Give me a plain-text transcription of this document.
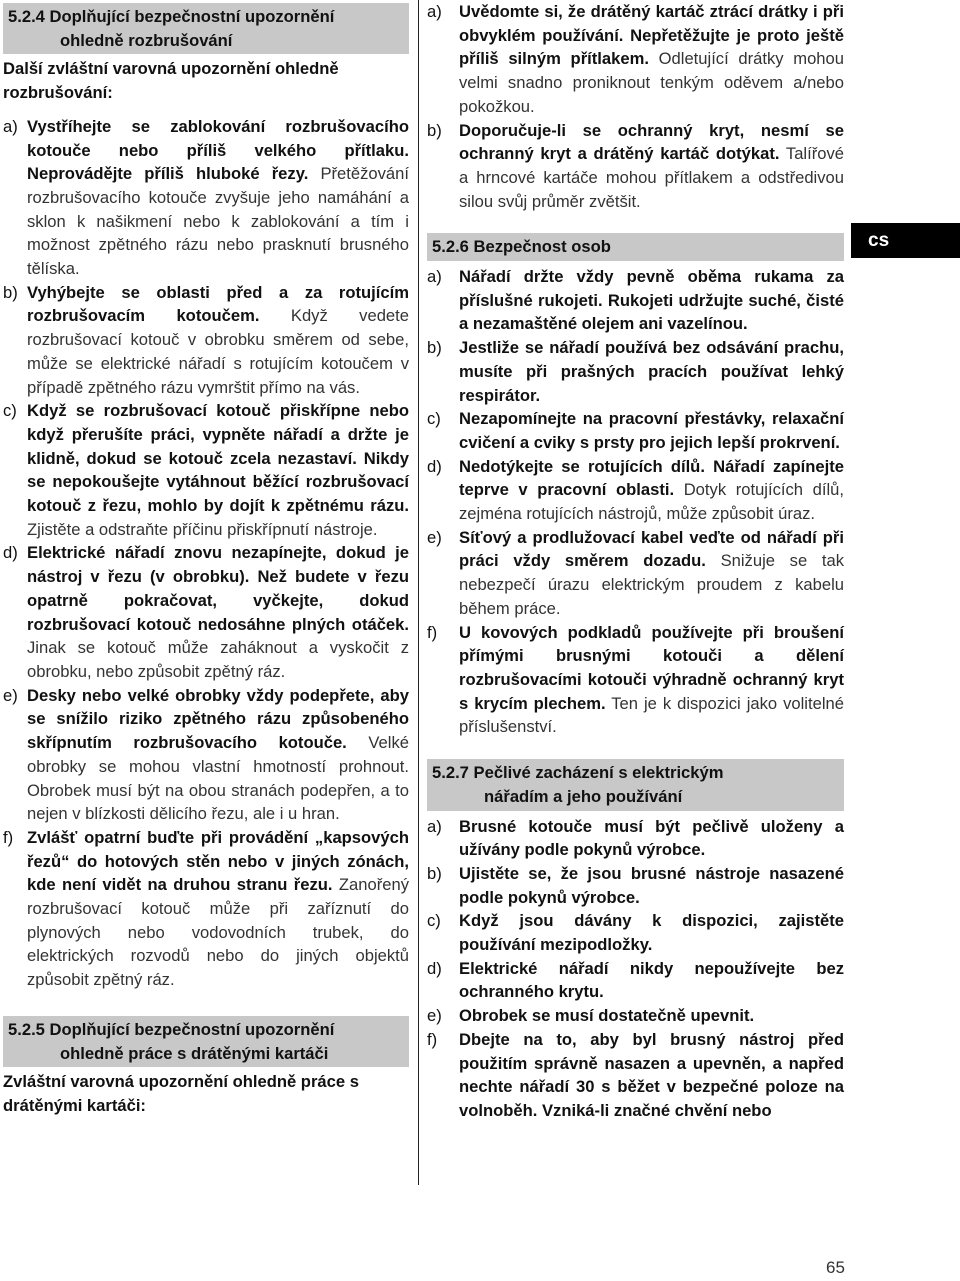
5.2.4 Doplňující bezpečnostní upozornění
ohledně rozbrušování
Další zvláštní varovná upozornění ohledně rozbrušování:
a) Vystříhejte se zablokování rozbrušovacího kotouče nebo příliš velkého přítlaku. Neprovádějte příliš hluboké řezy. Přetěžování rozbrušovacího kotouče zvyšuje jeho namáhání a sklon k našikmení nebo k zablokování a tím i možnost zpětného rázu nebo prasknutí brusného tělíska.
b) Vyhýbejte se oblasti před a za rotujícím rozbrušovacím kotoučem. Když vedete rozbrušovací kotouč v obrobku směrem od sebe, může se elektrické nářadí s rotujícím kotoučem v případě zpětného rázu vymrštit přímo na vás.
c) Když se rozbrušovací kotouč přiskřípne nebo když přerušíte práci, vypněte nářadí a držte je klidně, dokud se kotouč zcela nezastaví. Nikdy se nepokoušejte vytáhnout běžící rozbrušovací kotouč z řezu, mohlo by dojít k zpětnému rázu. Zjistěte a odstraňte příčinu přiskřípnutí nástroje.
d) Elektrické nářadí znovu nezapínejte, dokud je nástroj v řezu (v obrobku). Než budete v řezu opatrně pokračovat, vyčkejte, dokud rozbrušovací kotouč nedosáhne plných otáček. Jinak se kotouč může zaháknout a vyskočit z obrobku, nebo způsobit zpětný ráz.
e) Desky nebo velké obrobky vždy podepřete, aby se snížilo riziko zpětného rázu způsobeného skřípnutím rozbrušovacího kotouče. Velké obrobky se mohou vlastní hmotností prohnout. Obrobek musí být na obou stranách podepřen, a to nejen v blízkosti dělicího řezu, ale i u hran.
f) Zvlášť opatrní buďte při provádění „kapsových řezů“ do hotových stěn nebo v jiných zónách, kde není vidět na druhou stranu řezu. Zanořený rozbrušovací kotouč může při zaříznutí do plynových nebo vodovodních trubek, do elektrických rozvodů nebo do jiných objektů způsobit zpětný ráz.
5.2.5 Doplňující bezpečnostní upozornění
ohledně práce s drátěnými kartáči
Zvláštní varovná upozornění ohledně práce s drátěnými kartáči:
a)	Uvědomte si, že drátěný kartáč ztrácí drátky i při obvyklém používání. Nepřetěžujte je proto ještě příliš silným přítlakem. Odletující drátky mohou velmi snadno proniknout tenkým oděvem a/nebo pokožkou.
b)	Doporučuje-li se ochranný kryt, nesmí se ochranný kryt a drátěný kartáč dotýkat. Talířové a hrncové kartáče mohou přítlakem a odstředivou silou svůj průměr zvětšit.
5.2.6 Bezpečnost osob
a)	Nářadí držte vždy pevně oběma rukama za příslušné rukojeti. Rukojeti udržujte suché, čisté a nezamaštěné olejem ani vazelínou.
b)	Jestliže se nářadí používá bez odsávání prachu, musíte při prašných pracích používat lehký respirátor.
c)	Nezapomínejte na pracovní přestávky, relaxační cvičení a cviky s prsty pro jejich lepší prokrvení.
d)	Nedotýkejte se rotujících dílů. Nářadí zapínejte teprve v pracovní oblasti. Dotyk rotujících dílů, zejména rotujících nástrojů, může způsobit úraz.
e)	Síťový a prodlužovací kabel veďte od nářadí při práci vždy směrem dozadu. Snižuje se tak nebezpečí úrazu elektrickým proudem z kabelu během práce.
f)	U kovových podkladů používejte při broušení přímými brusnými kotouči a dělení rozbrušovacími kotouči výhradně ochranný kryt s krycím plechem. Ten je k dispozici jako volitelné příslušenství.
5.2.7 Pečlivé zacházení s elektrickým
nářadím a jeho používání
a)	Brusné kotouče musí být pečlivě uloženy a užívány podle pokynů výrobce.
b)	Ujistěte se, že jsou brusné nástroje nasazené podle pokynů výrobce.
c)	Když jsou dávány k dispozici, zajistěte používání mezipodložky.
d)	Elektrické nářadí nikdy nepoužívejte bez ochranného krytu.
e)	Obrobek se musí dostatečně upevnit.
f)	Dbejte na to, aby byl brusný nástroj před použitím správně nasazen a upevněn, a napřed nechte nářadí 30 s běžet v bezpečné poloze na volnoběh. Vzniká-li značné chvění nebo
cs
65
